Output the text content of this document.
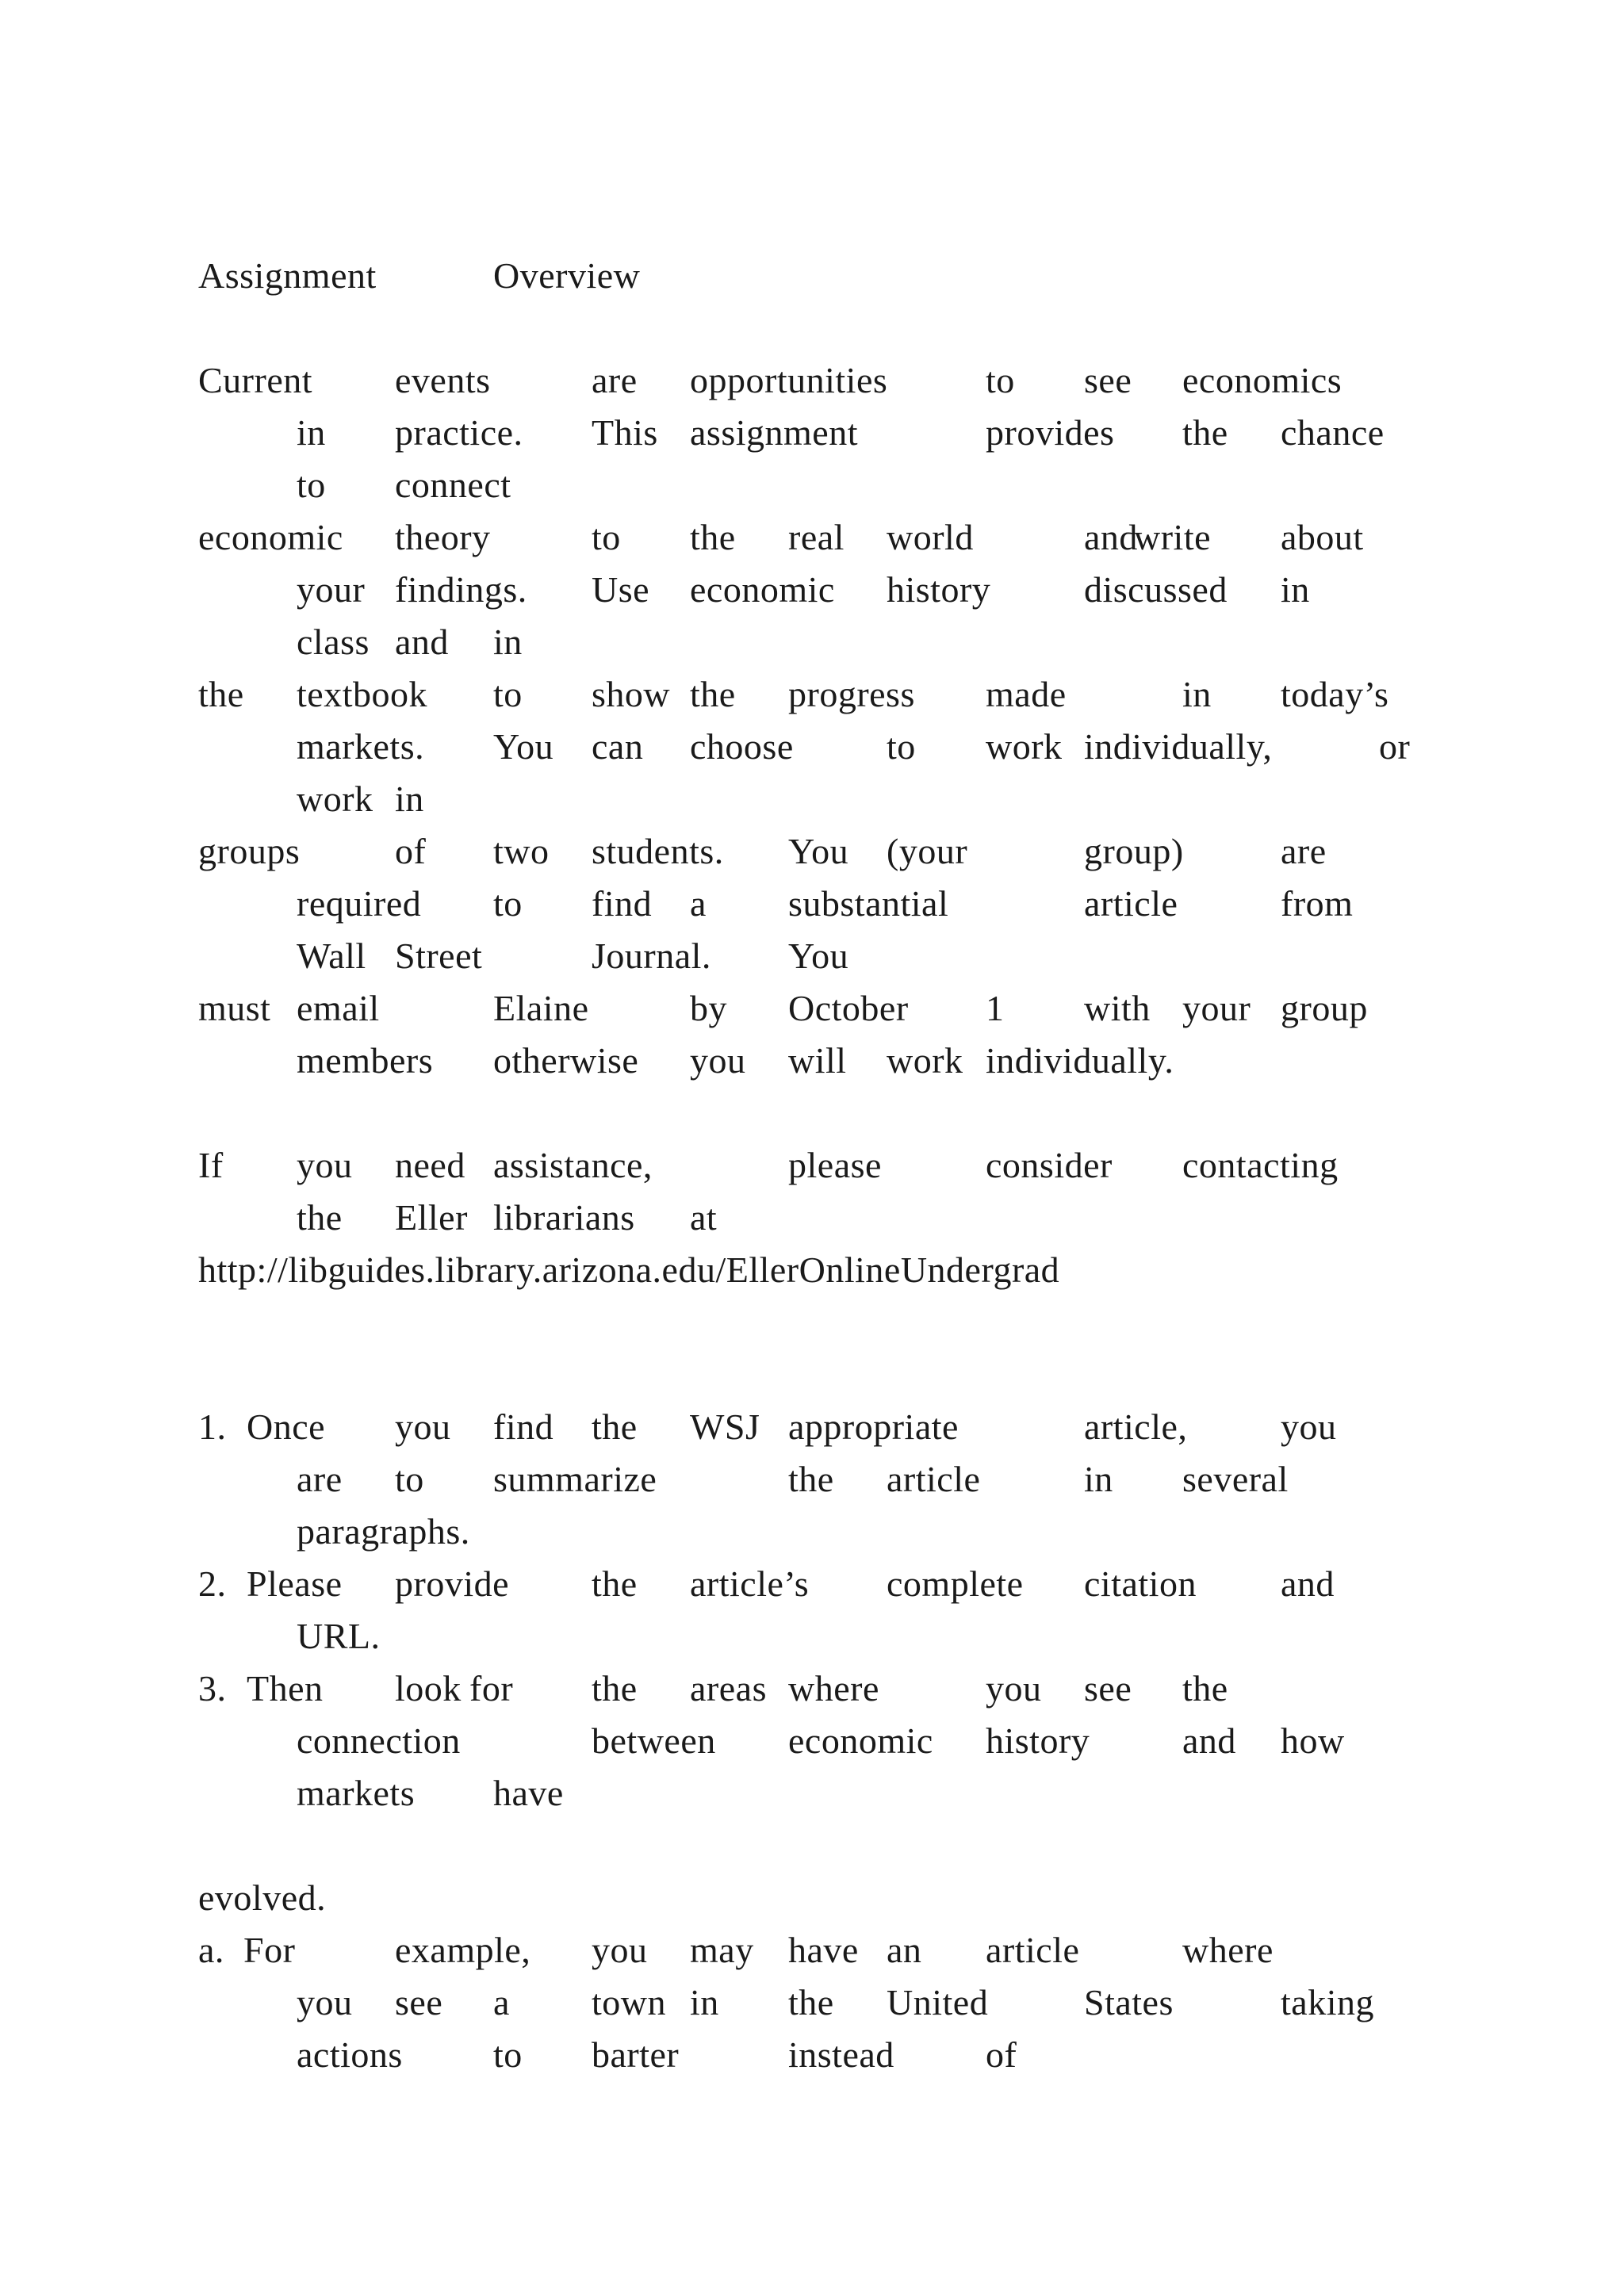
Assignment	Overview
Current events	are opportunities	to see economics
in practice. This assignment	provides the chance
to connect
economic theory	to the real world	and
write about
your findings. Use economic history	discussed in
class and in
the textbook to show the progress made	in today’s
markets. You can choose	to work individually,	or
work in
groups	of two students. You (your	group)	are
required to find a substantial	article	from
Wall Street	Journal. You
must email	Elaine	by October 1 with your group
members otherwise you will work individually.
If you need assistance,	please	consider contacting
the Eller librarians at
http://libguides.library.arizona.edu/EllerOnlineUndergrad
1. Once you find the WSJ appropriate	article,	you
are to summarize	the article	in several
paragraphs.
2. Please provide the article’s complete citation and
URL.
3. Then look for the areas where	you see the
connection	between economic history	and how
markets have
evolved.
a. For	example, you may have an article	where
you see a town in the United	States	taking
actions to barter	instead	of
